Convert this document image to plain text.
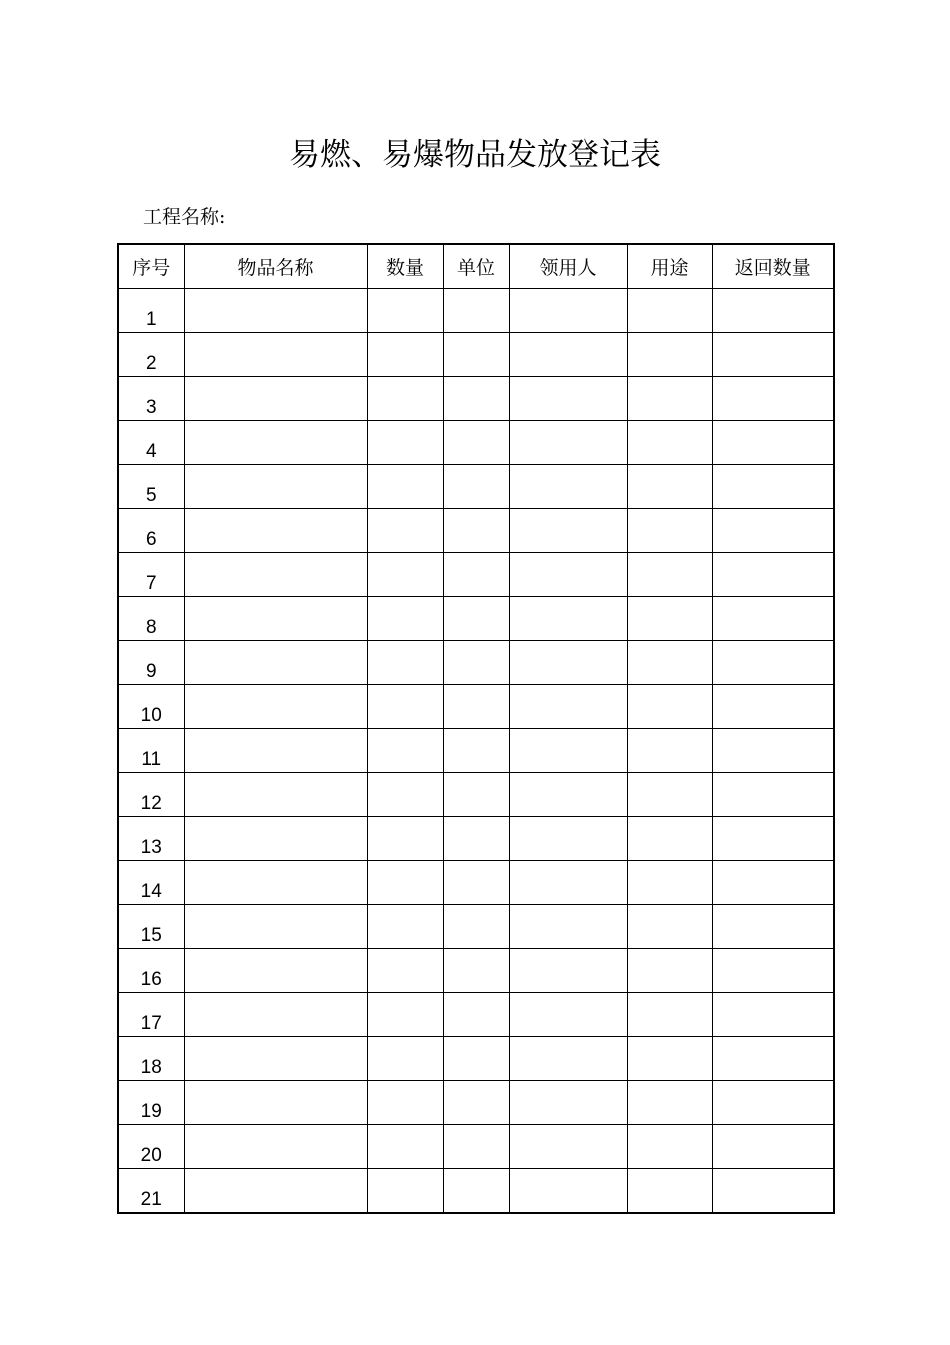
易燃、易爆物品发放登记表
工程名称:
序号	物品名称	数量	单位	领用人	用途	返回数量
1						
2						
3						
4						
5						
6						
7						
8						
9						
10						
11						
12						
13						
14						
15						
16						
17						
18						
19						
20						
21						
